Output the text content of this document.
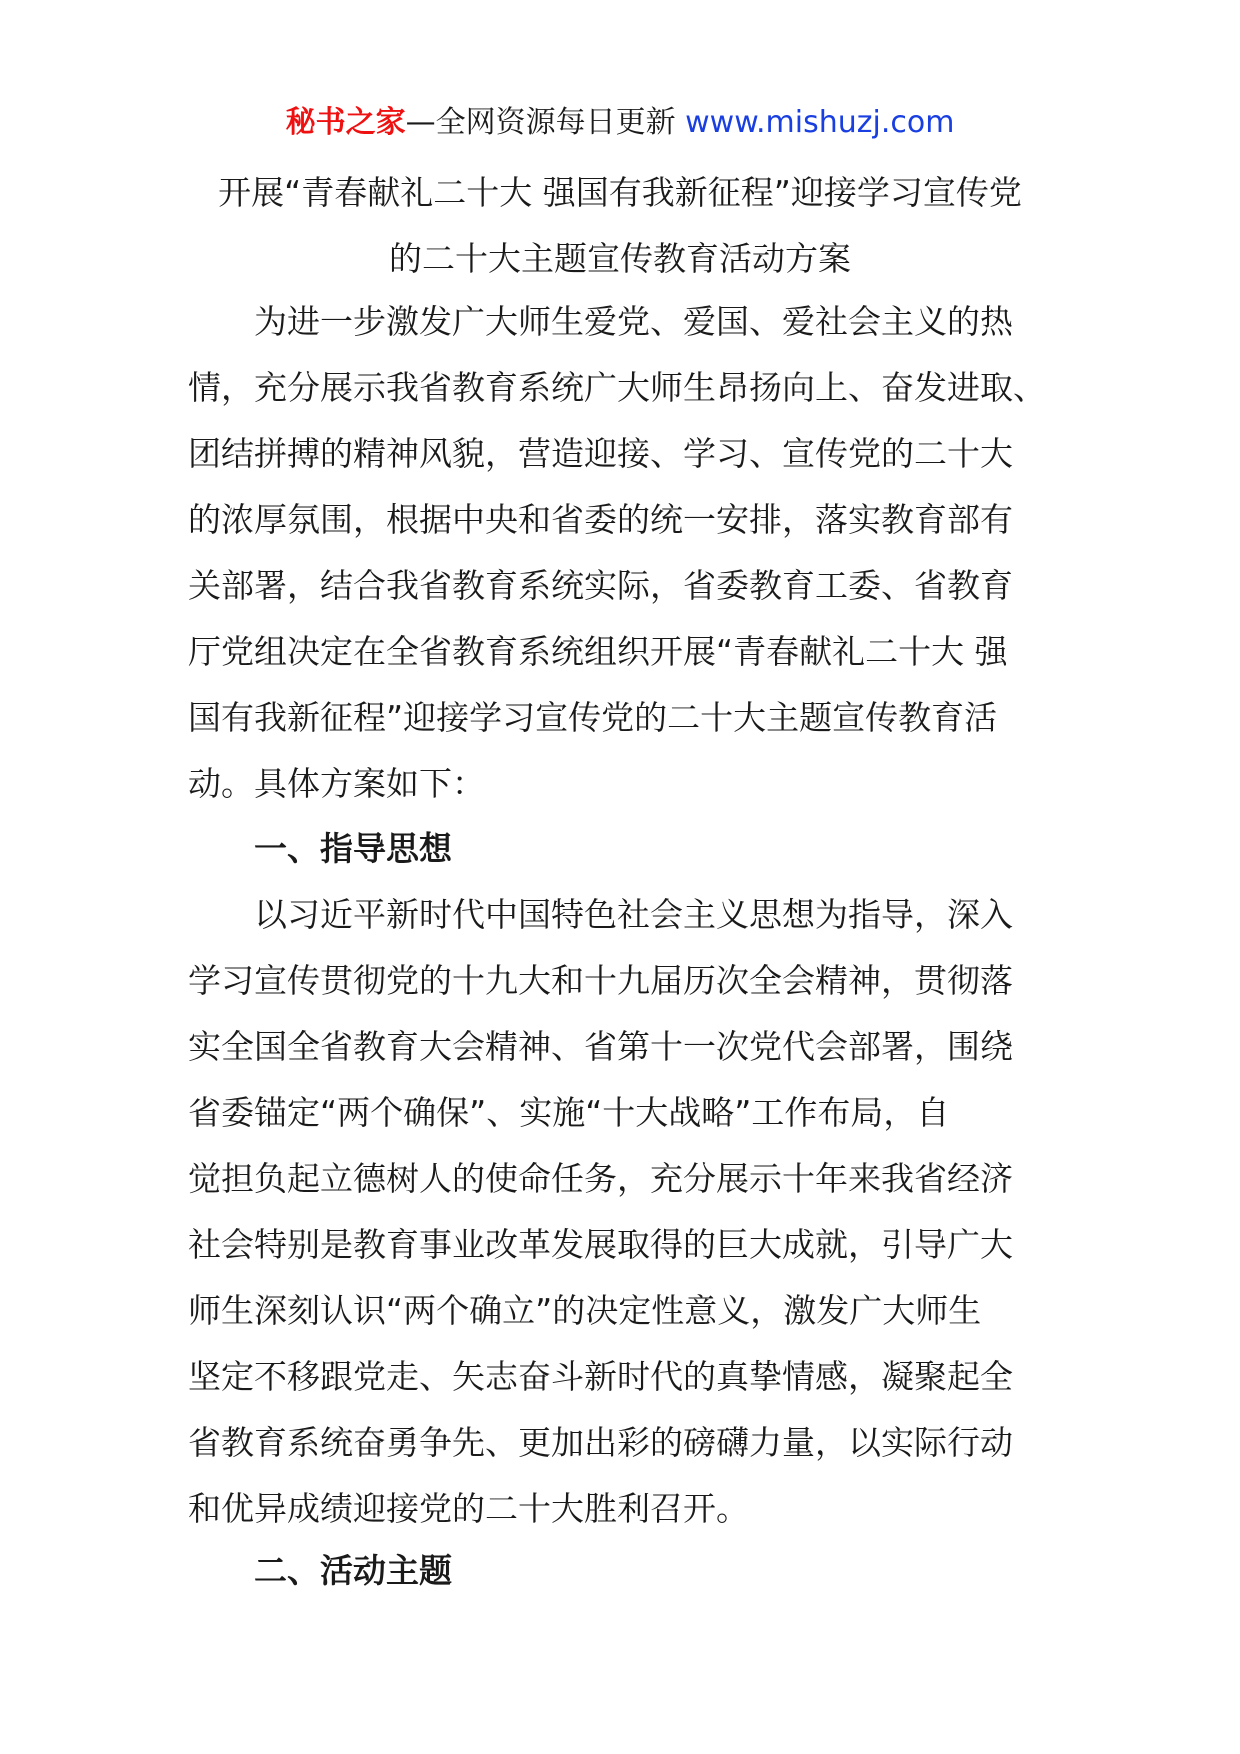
秘书之家—全网资源每日更新 www.mishuzj.com

开展“青春献礼二十大 强国有我新征程”迎接学习宣传党

的二十大主题宣传教育活动方案

为进一步激发广大师生爱党、爱国、爱社会主义的热
情，充分展示我省教育系统广大师生昂扬向上、奋发进取、
团结拼搏的精神风貌，营造迎接、学习、宣传党的二十大
的浓厚氛围，根据中央和省委的统一安排，落实教育部有
关部署，结合我省教育系统实际，省委教育工委、省教育
厅党组决定在全省教育系统组织开展“青春献礼二十大 强
国有我新征程”迎接学习宣传党的二十大主题宣传教育活
动。具体方案如下：
一、指导思想
以习近平新时代中国特色社会主义思想为指导，深入
学习宣传贯彻党的十九大和十九届历次全会精神，贯彻落
实全国全省教育大会精神、省第十一次党代会部署，围绕
省委锚定“两个确保”、实施“十大战略”工作布局，自
觉担负起立德树人的使命任务，充分展示十年来我省经济
社会特别是教育事业改革发展取得的巨大成就，引导广大
师生深刻认识“两个确立”的决定性意义，激发广大师生
坚定不移跟党走、矢志奋斗新时代的真挚情感，凝聚起全
省教育系统奋勇争先、更加出彩的磅礴力量，以实际行动
和优异成绩迎接党的二十大胜利召开。
二、活动主题
